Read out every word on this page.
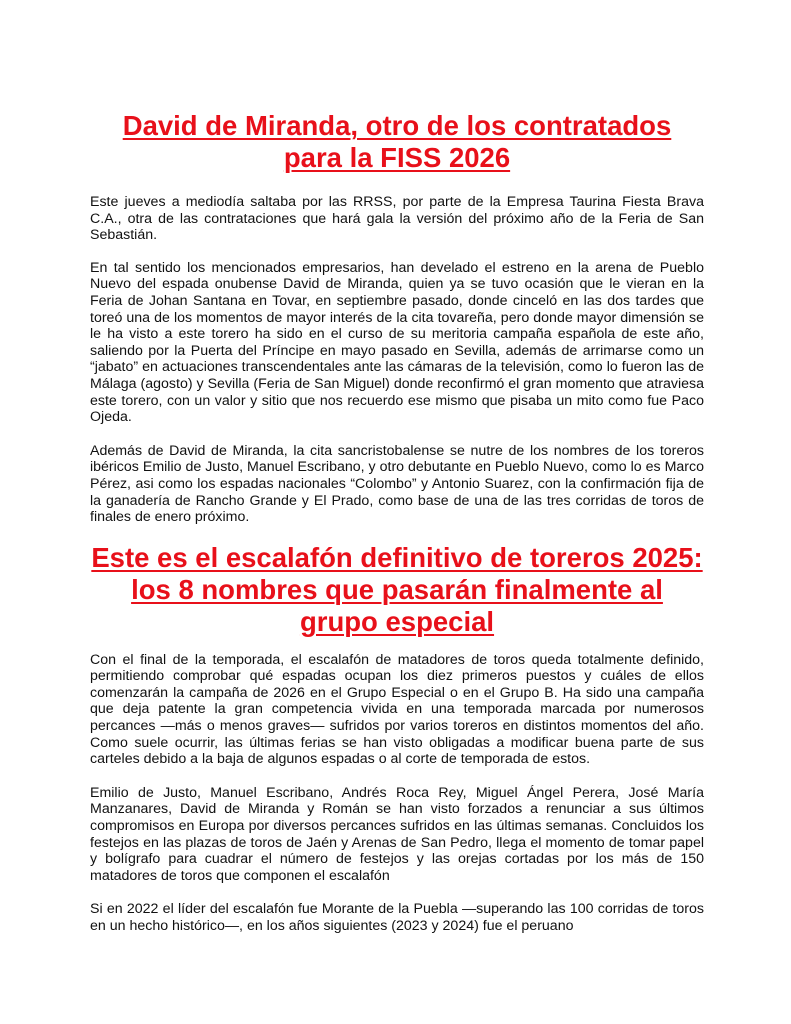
David de Miranda, otro de los contratados para la FISS 2026

Este jueves a mediodía saltaba por las RRSS, por parte de la Empresa Taurina Fiesta Brava C.A., otra de las contrataciones que hará gala la versión del próximo año de la Feria de San Sebastián.

En tal sentido los mencionados empresarios, han develado el estreno en la arena de Pueblo Nuevo del espada onubense David de Miranda, quien ya se tuvo ocasión que le vieran en la Feria de Johan Santana en Tovar, en septiembre pasado, donde cinceló en las dos tardes que toreó una de los momentos de mayor interés de la cita tovareña, pero donde mayor dimensión se le ha visto a este torero ha sido en el curso de su meritoria campaña española de este año, saliendo por la Puerta del Príncipe en mayo pasado en Sevilla, además de arrimarse como un “jabato” en actuaciones transcendentales ante las cámaras de la televisión, como lo fueron las de Málaga (agosto) y Sevilla (Feria de San Miguel) donde reconfirmó el gran momento que atraviesa este torero, con un valor y sitio que nos recuerdo ese mismo que pisaba un mito como fue Paco Ojeda.

Además de David de Miranda, la cita sancristobalense se nutre de los nombres de los toreros ibéricos Emilio de Justo, Manuel Escribano, y otro debutante en Pueblo Nuevo, como lo es Marco Pérez, asi como los espadas nacionales “Colombo” y Antonio Suarez, con la confirmación fija de la ganadería de Rancho Grande y El Prado, como base de una de las tres corridas de toros de finales de enero próximo.

Este es el escalafón definitivo de toreros 2025: los 8 nombres que pasarán finalmente al grupo especial

Con el final de la temporada, el escalafón de matadores de toros queda totalmente definido, permitiendo comprobar qué espadas ocupan los diez primeros puestos y cuáles de ellos comenzarán la campaña de 2026 en el Grupo Especial o en el Grupo B. Ha sido una campaña que deja patente la gran competencia vivida en una temporada marcada por numerosos percances —más o menos graves— sufridos por varios toreros en distintos momentos del año. Como suele ocurrir, las últimas ferias se han visto obligadas a modificar buena parte de sus carteles debido a la baja de algunos espadas o al corte de temporada de estos.

Emilio de Justo, Manuel Escribano, Andrés Roca Rey, Miguel Ángel Perera, José María Manzanares, David de Miranda y Román se han visto forzados a renunciar a sus últimos compromisos en Europa por diversos percances sufridos en las últimas semanas. Concluidos los festejos en las plazas de toros de Jaén y Arenas de San Pedro, llega el momento de tomar papel y bolígrafo para cuadrar el número de festejos y las orejas cortadas por los más de 150 matadores de toros que componen el escalafón

Si en 2022 el líder del escalafón fue Morante de la Puebla —superando las 100 corridas de toros en un hecho histórico—, en los años siguientes (2023 y 2024) fue el peruano
